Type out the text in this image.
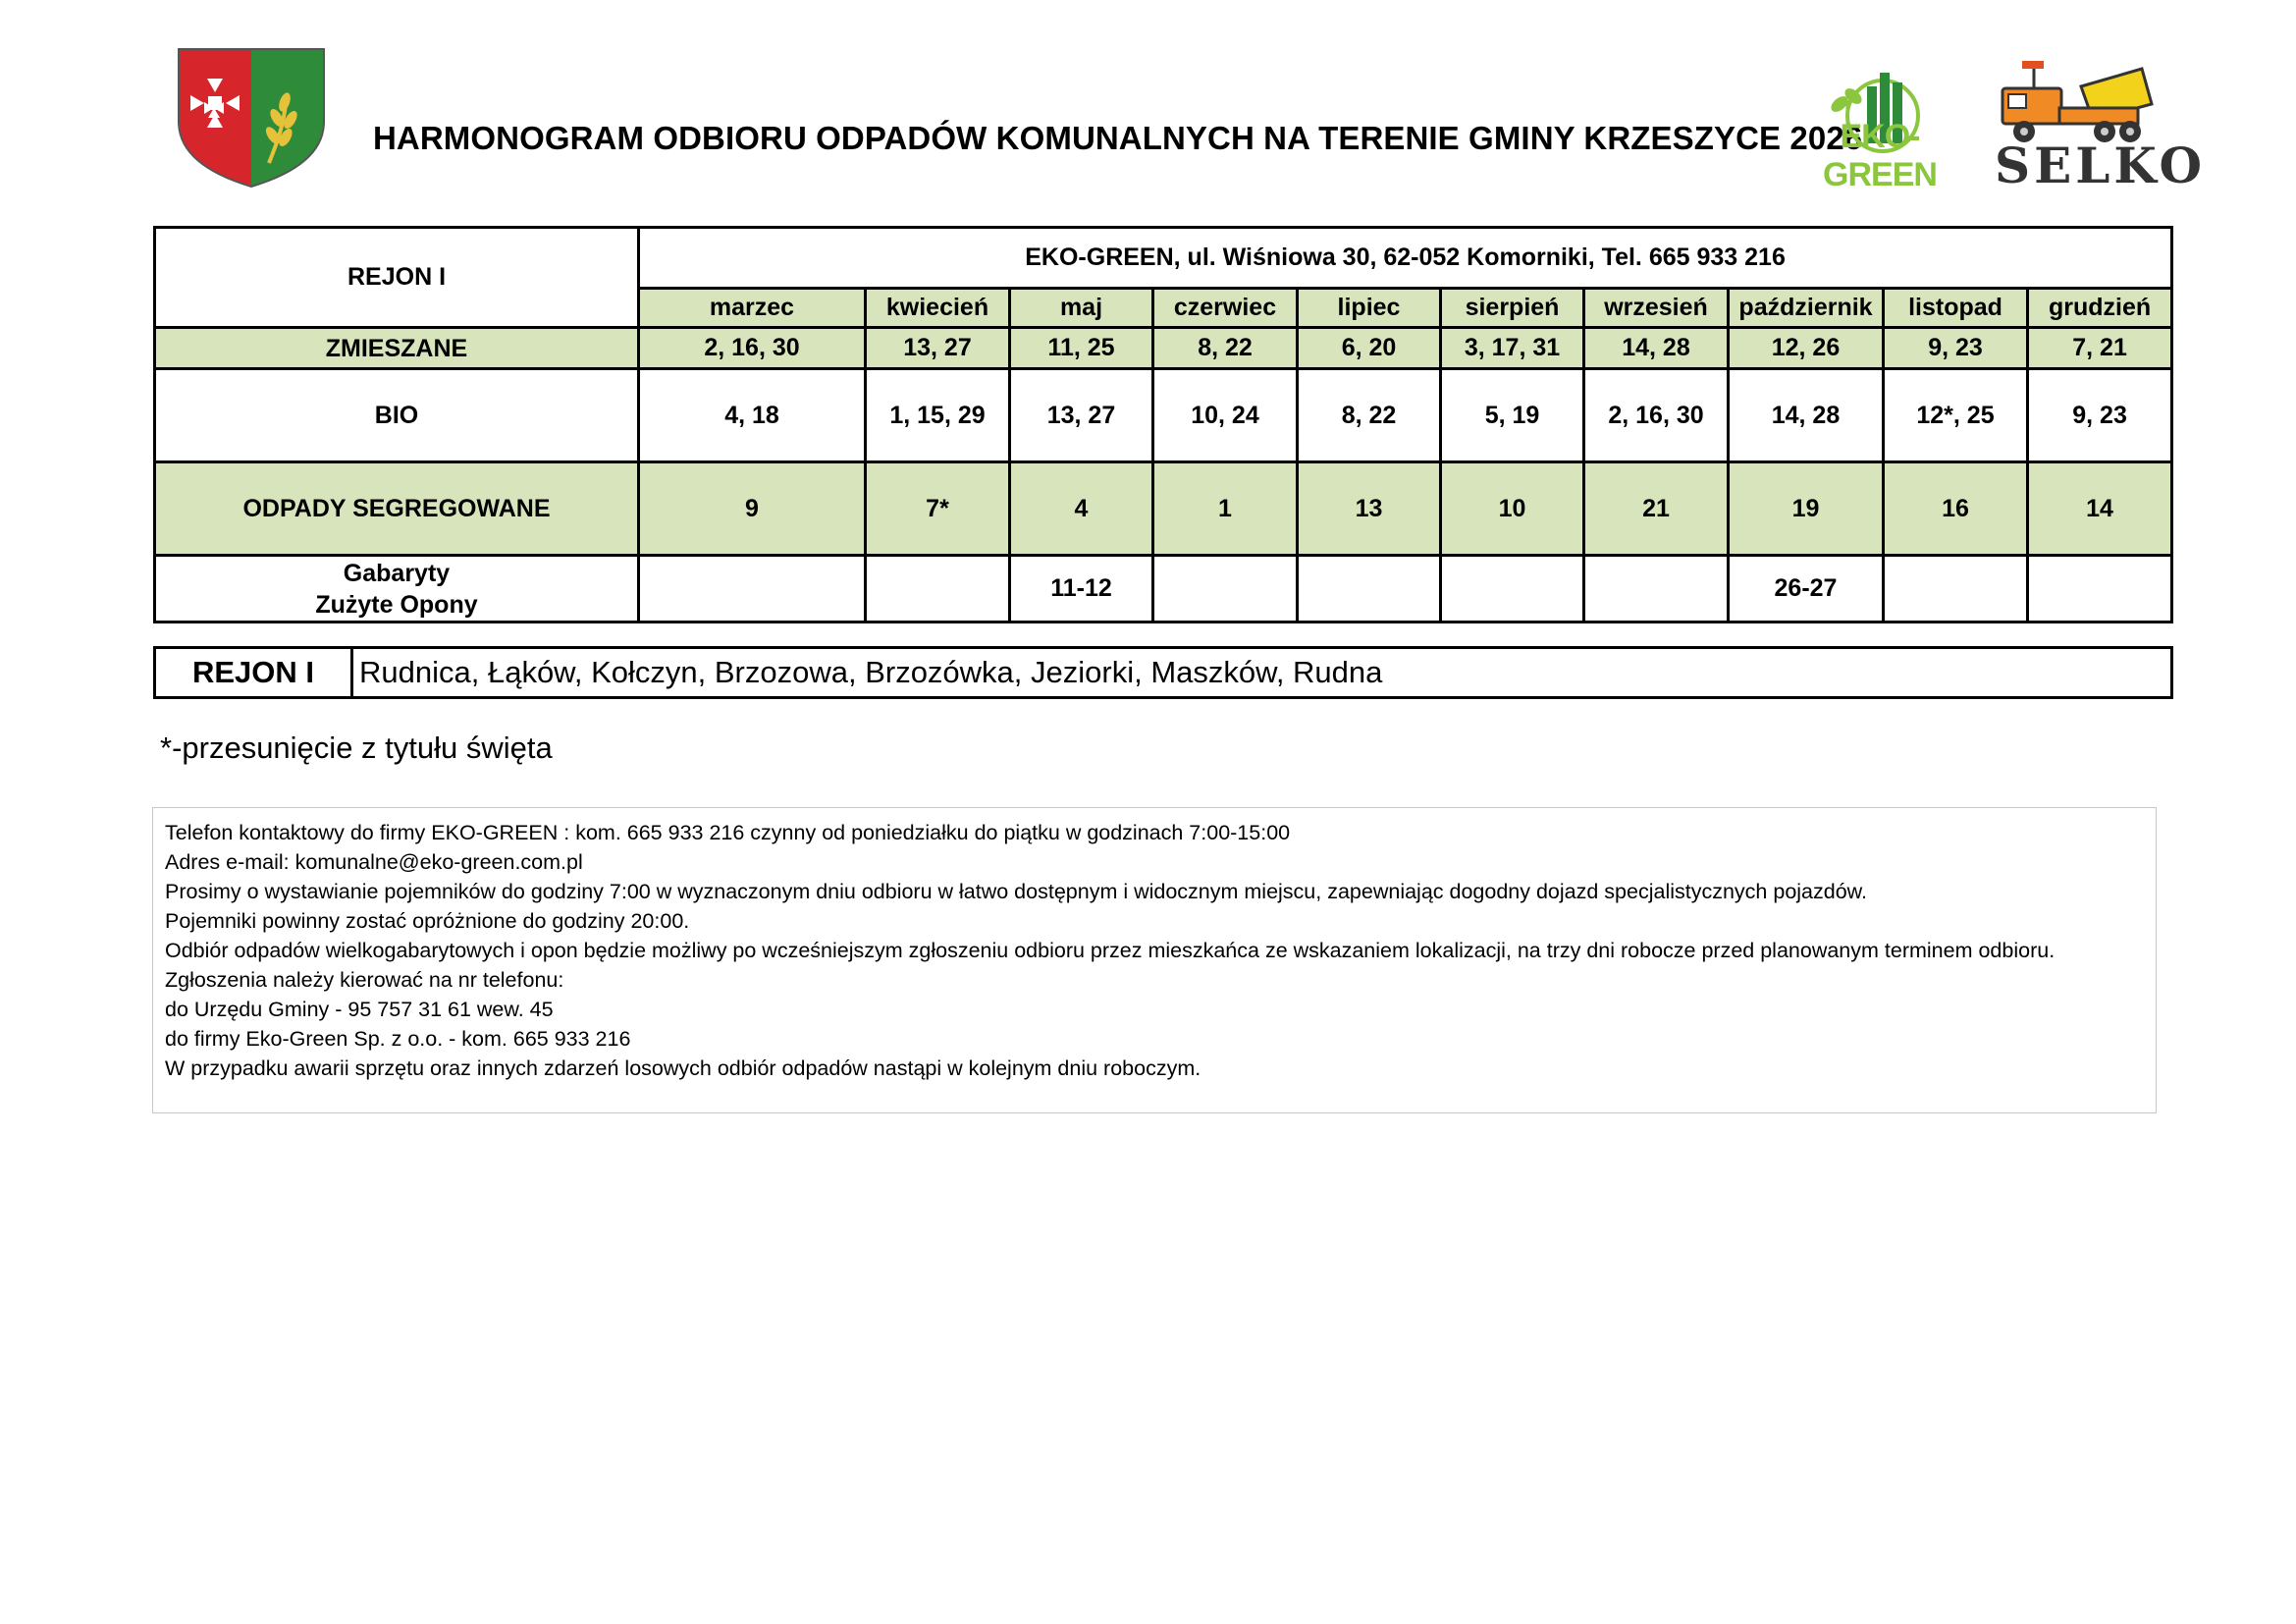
HARMONOGRAM ODBIORU ODPADÓW KOMUNALNYCH NA TERENIE GMINY KRZESZYCE 2026
EKO-GREEN	SELKO
REJON I	EKO-GREEN, ul. Wiśniowa 30, 62-052 Komorniki, Tel. 665 933 216									
	marzec	kwiecień	maj	czerwiec	lipiec	sierpień	wrzesień	październik	listopad	grudzień
ZMIESZANE	2, 16, 30	13, 27	11, 25	8, 22	6, 20	3, 17, 31	14, 28	12, 26	9, 23	7, 21
BIO	4, 18	1, 15, 29	13, 27	10, 24	8, 22	5, 19	2, 16, 30	14, 28	12*, 25	9, 23
ODPADY SEGREGOWANE	9	7*	4	1	13	10	21	19	16	14

Gabaryty
Zużyte Opony			11-12					26-27		
REJON I	Rudnica, Łąków, Kołczyn, Brzozowa, Brzozówka, Jeziorki, Maszków, Rudna
*-przesunięcie z tytułu święta
Telefon kontaktowy do firmy EKO-GREEN : kom. 665 933 216 czynny od poniedziałku do piątku w godzinach 7:00-15:00
Adres e-mail: komunalne@eko-green.com.pl
Prosimy o wystawianie pojemników do godziny 7:00 w wyznaczonym dniu odbioru w łatwo dostępnym i widocznym miejscu, zapewniając dogodny dojazd specjalistycznych pojazdów.
Pojemniki powinny zostać opróżnione do godziny 20:00.
Odbiór odpadów wielkogabarytowych i opon będzie możliwy po wcześniejszym zgłoszeniu odbioru przez mieszkańca ze wskazaniem lokalizacji, na trzy dni robocze przed planowanym terminem odbioru.
Zgłoszenia należy kierować na nr telefonu:
do Urzędu Gminy - 95 757 31 61 wew. 45
do firmy Eko-Green Sp. z o.o. - kom. 665 933 216
W przypadku awarii sprzętu oraz innych zdarzeń losowych odbiór odpadów nastąpi w kolejnym dniu roboczym.
